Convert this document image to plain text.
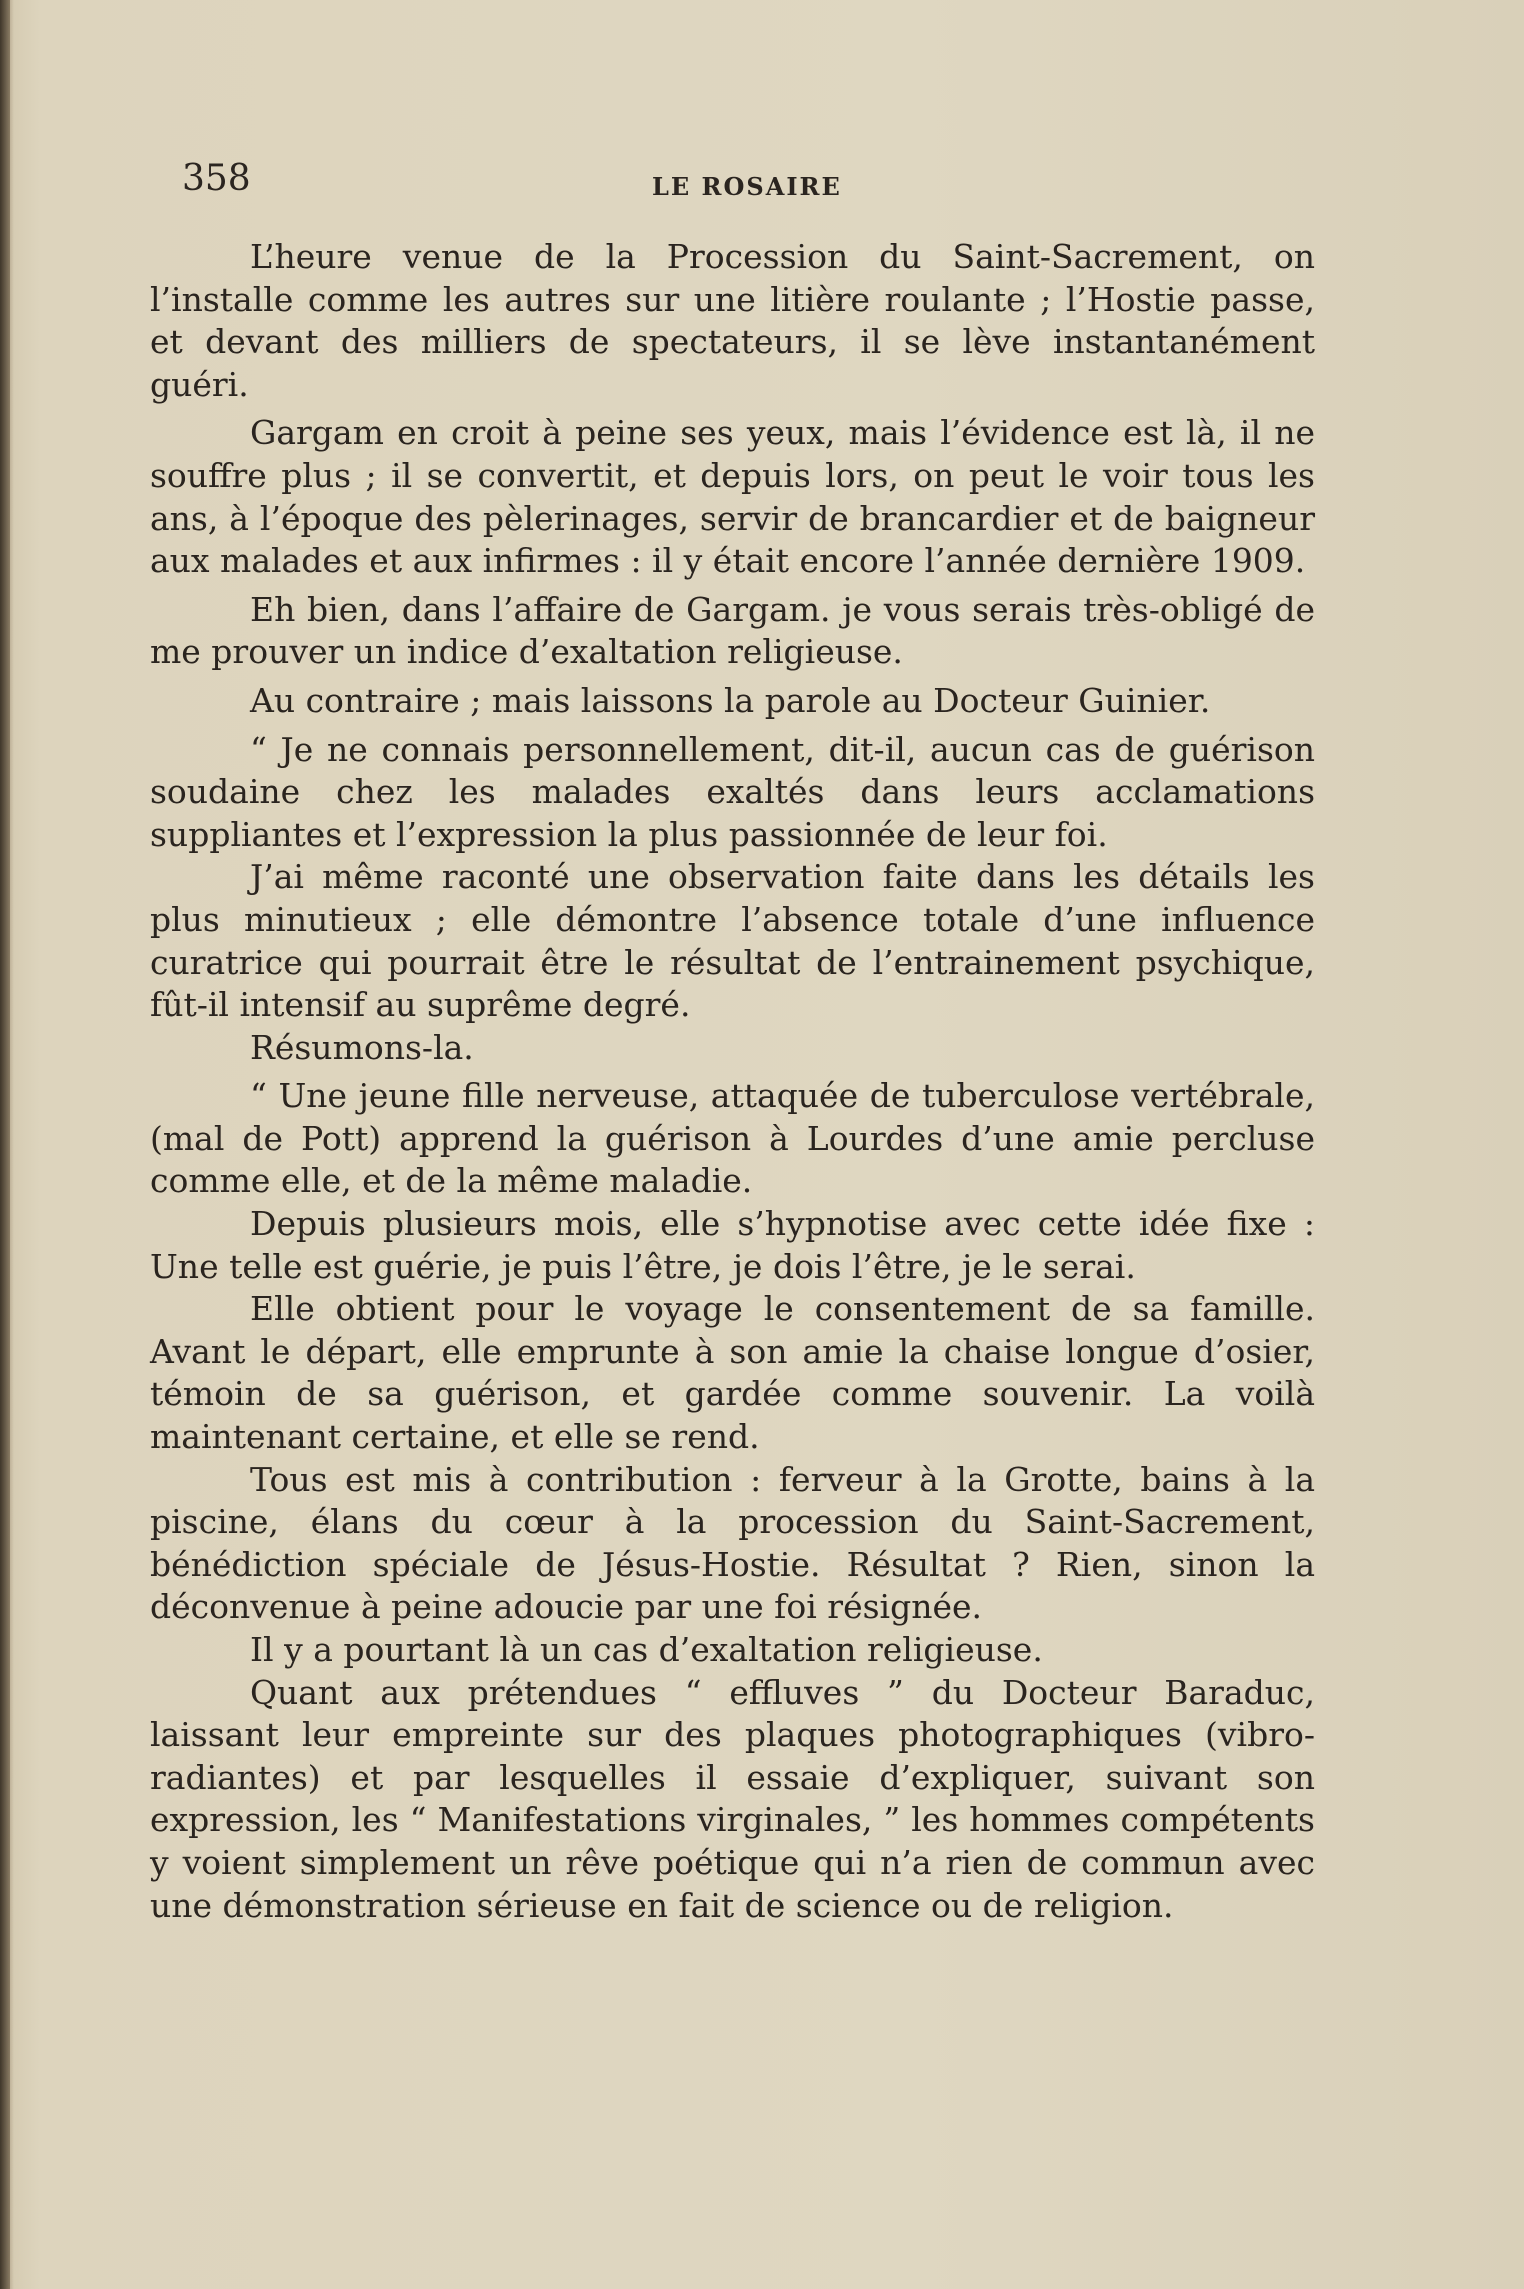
358	LE ROSAIRE

L’heure venue de la Procession du Saint-Sacrement, on l’installe comme les autres sur une litière roulante ; l’Hostie passe, et devant des milliers de spectateurs, il se lève instantanément guéri.

Gargam en croit à peine ses yeux, mais l’évidence est là, il ne souffre plus ; il se convertit, et depuis lors, on peut le voir tous les ans, à l’époque des pèlerinages, servir de brancardier et de baigneur aux malades et aux infirmes : il y était encore l’année dernière 1909.

Eh bien, dans l’affaire de Gargam. je vous serais très-obligé de me prouver un indice d’exaltation religieuse.

Au contraire ; mais laissons la parole au Docteur Guinier.

“ Je ne connais personnellement, dit-il, aucun cas de guérison soudaine chez les malades exaltés dans leurs acclamations suppliantes et l’expression la plus passionnée de leur foi.

J’ai même raconté une observation faite dans les détails les plus minutieux ; elle démontre l’absence totale d’une influence curatrice qui pourrait être le résultat de l’entrainement psychique, fût-il intensif au suprême degré.

Résumons-la.

“ Une jeune fille nerveuse, attaquée de tuberculose vertébrale, (mal de Pott) apprend la guérison à Lourdes d’une amie percluse comme elle, et de la même maladie.

Depuis plusieurs mois, elle s’hypnotise avec cette idée fixe : Une telle est guérie, je puis l’être, je dois l’être, je le serai.

Elle obtient pour le voyage le consentement de sa famille. Avant le départ, elle emprunte à son amie la chaise longue d’osier, témoin de sa guérison, et gardée comme souvenir. La voilà maintenant certaine, et elle se rend.

Tous est mis à contribution : ferveur à la Grotte, bains à la piscine, élans du cœur à la procession du Saint-Sacrement, bénédiction spéciale de Jésus-Hostie. Résultat ? Rien, sinon la déconvenue à peine adoucie par une foi résignée.

Il y a pourtant là un cas d’exaltation religieuse.

Quant aux prétendues “ effluves ” du Docteur Baraduc, laissant leur empreinte sur des plaques photographiques (vibro-radiantes) et par lesquelles il essaie d’expliquer, suivant son expression, les “ Manifestations virginales, ” les hommes compétents y voient simplement un rêve poétique qui n’a rien de commun avec une démonstration sérieuse en fait de science ou de religion.
